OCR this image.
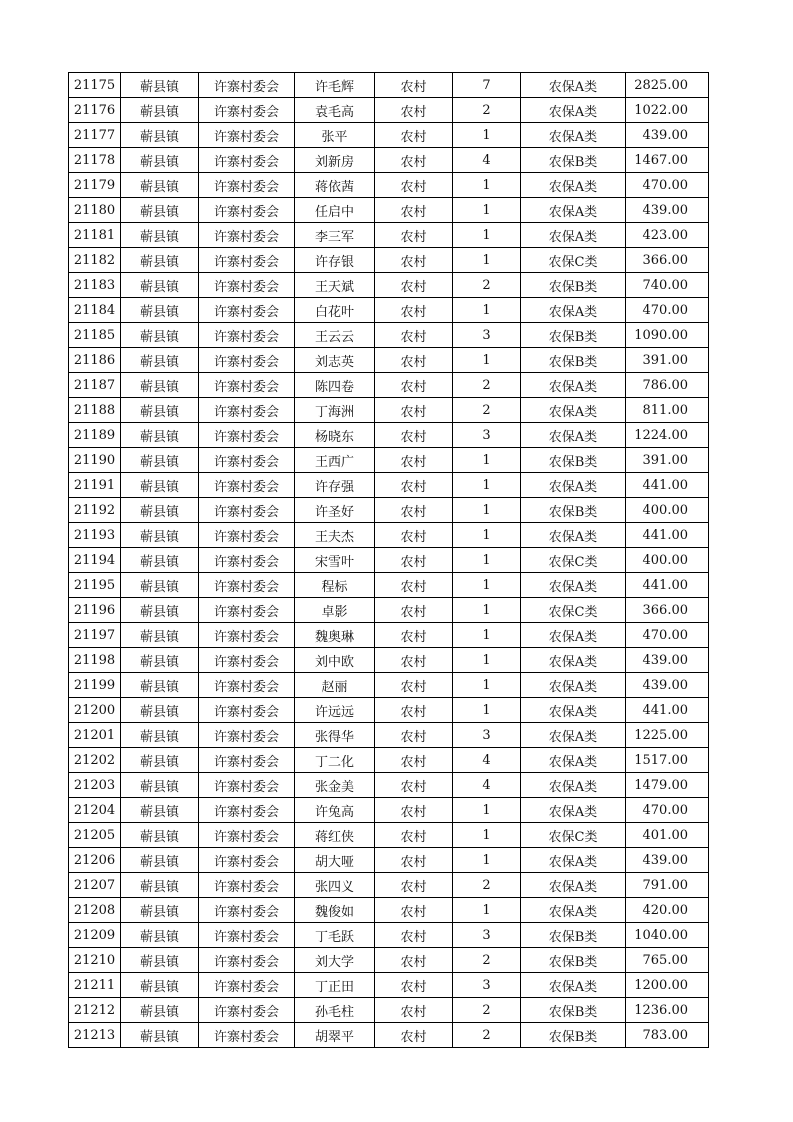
21175	蕲县镇	许寨村委会	许毛辉	农村	7	农保A类	2825.00
21176	蕲县镇	许寨村委会	袁毛高	农村	2	农保A类	1022.00
21177	蕲县镇	许寨村委会	张平	农村	1	农保A类	439.00
21178	蕲县镇	许寨村委会	刘新房	农村	4	农保B类	1467.00
21179	蕲县镇	许寨村委会	蒋依茜	农村	1	农保A类	470.00
21180	蕲县镇	许寨村委会	任启中	农村	1	农保A类	439.00
21181	蕲县镇	许寨村委会	李三军	农村	1	农保A类	423.00
21182	蕲县镇	许寨村委会	许存银	农村	1	农保C类	366.00
21183	蕲县镇	许寨村委会	王天斌	农村	2	农保B类	740.00
21184	蕲县镇	许寨村委会	白花叶	农村	1	农保A类	470.00
21185	蕲县镇	许寨村委会	王云云	农村	3	农保B类	1090.00
21186	蕲县镇	许寨村委会	刘志英	农村	1	农保B类	391.00
21187	蕲县镇	许寨村委会	陈四卷	农村	2	农保A类	786.00
21188	蕲县镇	许寨村委会	丁海洲	农村	2	农保A类	811.00
21189	蕲县镇	许寨村委会	杨晓东	农村	3	农保A类	1224.00
21190	蕲县镇	许寨村委会	王西广	农村	1	农保B类	391.00
21191	蕲县镇	许寨村委会	许存强	农村	1	农保A类	441.00
21192	蕲县镇	许寨村委会	许圣好	农村	1	农保B类	400.00
21193	蕲县镇	许寨村委会	王夫杰	农村	1	农保A类	441.00
21194	蕲县镇	许寨村委会	宋雪叶	农村	1	农保C类	400.00
21195	蕲县镇	许寨村委会	程标	农村	1	农保A类	441.00
21196	蕲县镇	许寨村委会	卓影	农村	1	农保C类	366.00
21197	蕲县镇	许寨村委会	魏奥琳	农村	1	农保A类	470.00
21198	蕲县镇	许寨村委会	刘中欧	农村	1	农保A类	439.00
21199	蕲县镇	许寨村委会	赵丽	农村	1	农保A类	439.00
21200	蕲县镇	许寨村委会	许远远	农村	1	农保A类	441.00
21201	蕲县镇	许寨村委会	张得华	农村	3	农保A类	1225.00
21202	蕲县镇	许寨村委会	丁二化	农村	4	农保A类	1517.00
21203	蕲县镇	许寨村委会	张金美	农村	4	农保A类	1479.00
21204	蕲县镇	许寨村委会	许兔高	农村	1	农保A类	470.00
21205	蕲县镇	许寨村委会	蒋红侠	农村	1	农保C类	401.00
21206	蕲县镇	许寨村委会	胡大哑	农村	1	农保A类	439.00
21207	蕲县镇	许寨村委会	张四义	农村	2	农保A类	791.00
21208	蕲县镇	许寨村委会	魏俊如	农村	1	农保A类	420.00
21209	蕲县镇	许寨村委会	丁毛跃	农村	3	农保B类	1040.00
21210	蕲县镇	许寨村委会	刘大学	农村	2	农保B类	765.00
21211	蕲县镇	许寨村委会	丁正田	农村	3	农保A类	1200.00
21212	蕲县镇	许寨村委会	孙毛柱	农村	2	农保B类	1236.00
21213	蕲县镇	许寨村委会	胡翠平	农村	2	农保B类	783.00
